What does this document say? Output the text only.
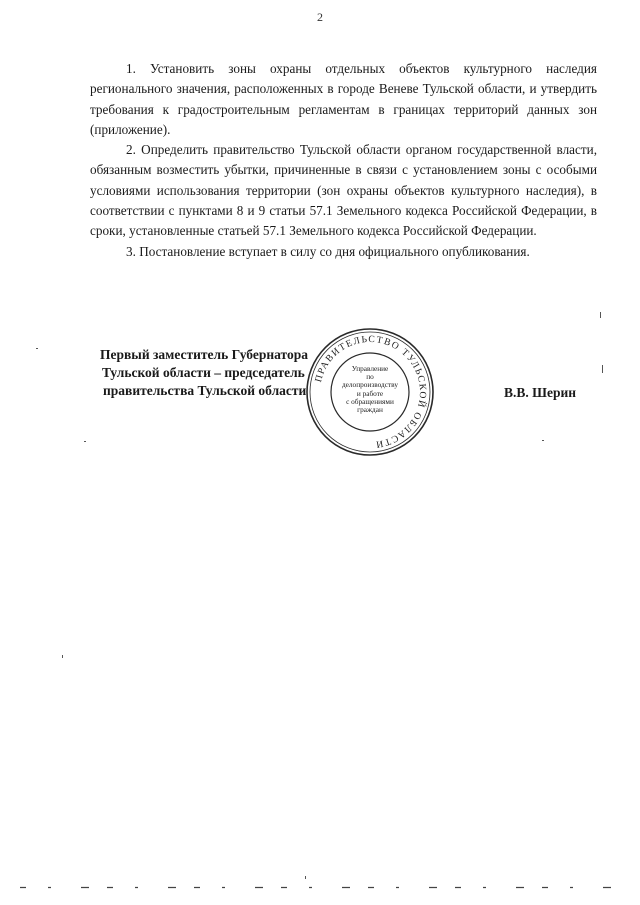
2

1. Установить зоны охраны отдельных объектов культурного наследия регионального значения, расположенных в городе Веневе Тульской области, и утвердить требования к градостроительным регламентам в границах территорий данных зон (приложение).

2. Определить правительство Тульской области органом государственной власти, обязанным возместить убытки, причиненные в связи с установлением зоны с особыми условиями использования территории (зон охраны объектов культурного наследия), в соответствии с пунктами 8 и 9 статьи 57.1 Земельного кодекса Российской Федерации, в сроки, установленные статьей 57.1 Земельного кодекса Российской Федерации.

3. Постановление вступает в силу со дня официального опубликования.

Первый заместитель Губернатора
Тульской области – председатель
правительства Тульской области	В.В. Шерин
ПРАВИТЕЛЬСТВО ТУЛЬСКОЙ ОБЛАСТИ
Управление
по делопроизводству
и работе
с обращениями
граждан
